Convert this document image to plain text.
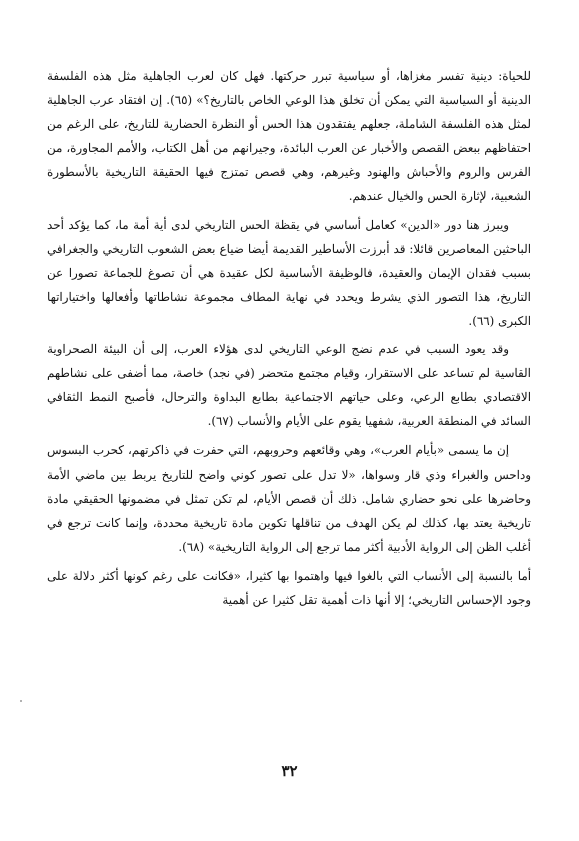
للحياة: دينية تفسر مغزاها، أو سياسية تبرر حركتها. فهل كان لعرب الجاهلية مثل هذه الفلسفة الدينية أو السياسية التي يمكن أن تخلق هذا الوعي الخاص بالتاريخ؟» (٦٥). إن افتقاد عرب الجاهلية لمثل هذه الفلسفة الشاملة، جعلهم يفتقدون هذا الحس أو النظرة الحضارية للتاريخ، على الرغم من احتفاظهم ببعض القصص والأخبار عن العرب البائدة، وجيرانهم من أهل الكتاب، والأمم المجاورة، من الفرس والروم والأحباش والهنود وغيرهم، وهي قصص تمتزج فيها الحقيقة التاريخية بالأسطورة الشعبية، لإثارة الحس والخيال عندهم.

ويبرز هنا دور «الدين» كعامل أساسي في يقظة الحس التاريخي لدى أية أمة ما، كما يؤكد أحد الباحثين المعاصرين قائلا: قد أبرزت الأساطير القديمة أيضا ضياع بعض الشعوب التاريخي والجغرافي بسبب فقدان الإيمان والعقيدة، فالوظيفة الأساسية لكل عقيدة هي أن تصوغ للجماعة تصورا عن التاريخ، هذا التصور الذي يشرط ويحدد في نهاية المطاف مجموعة نشاطاتها وأفعالها واختياراتها الكبرى (٦٦).

وقد يعود السبب في عدم نضج الوعي التاريخي لدى هؤلاء العرب، إلى أن البيئة الصحراوية القاسية لم تساعد على الاستقرار، وقيام مجتمع متحضر (في نجد) خاصة، مما أضفى على نشاطهم الاقتصادي بطابع الرعي، وعلى حياتهم الاجتماعية بطابع البداوة والترحال، فأصبح النمط الثقافي السائد في المنطقة العربية، شفهيا يقوم على الأيام والأنساب (٦٧).

إن ما يسمى «بأيام العرب»، وهي وقائعهم وحروبهم، التي حفرت في ذاكرتهم، كحرب البسوس وداحس والغبراء وذي قار وسواها، «لا تدل على تصور كوني واضح للتاريخ يربط بين ماضي الأمة وحاضرها على نحو حضاري شامل. ذلك أن قصص الأيام، لم تكن تمثل في مضمونها الحقيقي مادة تاريخية يعتد بها، كذلك لم يكن الهدف من تناقلها تكوين مادة تاريخية محددة، وإنما كانت ترجع في أغلب الظن إلى الرواية الأدبية أكثر مما ترجع إلى الرواية التاريخية» (٦٨).

أما بالنسبة إلى الأنساب التي بالغوا فيها واهتموا بها كثيرا، «فكانت على رغم كونها أكثر دلالة على وجود الإحساس التاريخي؛ إلا أنها ذات أهمية تقل كثيرا عن أهمية

٣٢
